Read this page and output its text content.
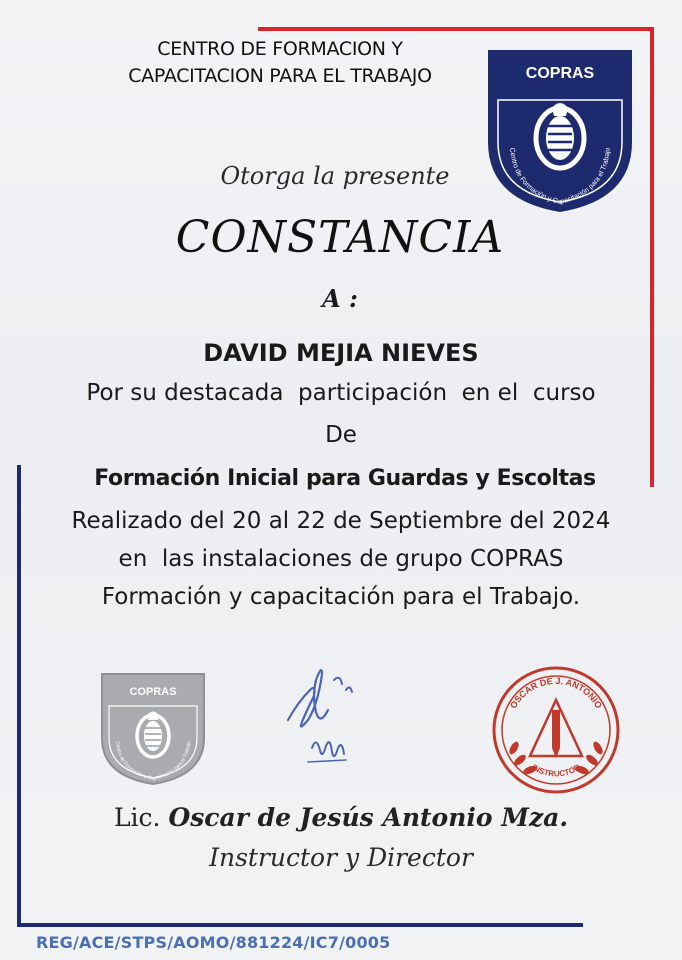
CENTRO DE FORMACION Y
CAPACITACION PARA EL TRABAJO	COPRAS
Centro de Formación y Capacitación para el Trabajo
Otorga la presente
CONSTANCIA
A :
DAVID MEJIA NIEVES
Por su destacada  participación  en el  curso
De
Formación Inicial para Guardas y Escoltas
Realizado del 20 al 22 de Septiembre del 2024
en  las instalaciones de grupo COPRAS
Formación y capacitación para el Trabajo.
COPRAS
Centro de Formación y Capacitación para el Trabajo
OSCAR DE J. ANTONIO
INSTRUCTOR
Lic. Oscar de Jesús Antonio Mza.
Instructor y Director
REG/ACE/STPS/AOMO/881224/IC7/0005
